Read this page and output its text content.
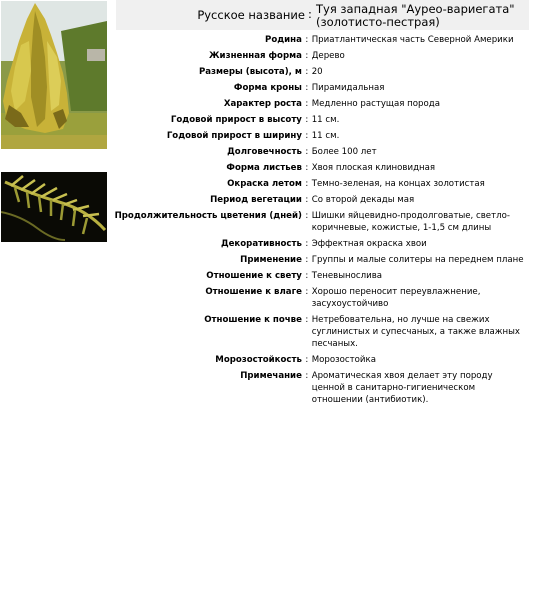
Русское название : Туя западная "Аурео-вариегата" (золотисто-пестрая)
Родина	:	Приатлантическая часть Северной Америки
Жизненная форма	:	Дерево
Размеры (высота), м	:	20
Форма кроны	:	Пирамидальная
Характер роста	:	Медленно растущая порода
Годовой прирост в высоту	:	11 см.
Годовой прирост в ширину	:	11 см.
Долговечность	:	Более 100 лет
Форма листьев	:	Хвоя плоская клиновидная
Окраска летом	:	Темно-зеленая, на концах золотистая
Период вегетации	:	Со второй декады мая
Продолжительность цветения (дней)	:	Шишки яйцевидно-продолговатые, светло-коричневые, кожистые, 1-1,5 см длины
Декоративность	:	Эффектная окраска хвои
Применение	:	Группы и малые солитеры на переднем плане
Отношение к свету	:	Теневынослива
Отношение к влаге	:	Хорошо переносит переувлажнение, засухоустойчиво
Отношение к почве	:	Нетребовательна, но лучше на свежих суглинистых и супесчаных, а также влажных песчаных.
Морозостойкость	:	Морозостойка
Примечание	:	Ароматическая хвоя делает эту породу ценной в санитарно-гигиеническом отношении (антибиотик).
